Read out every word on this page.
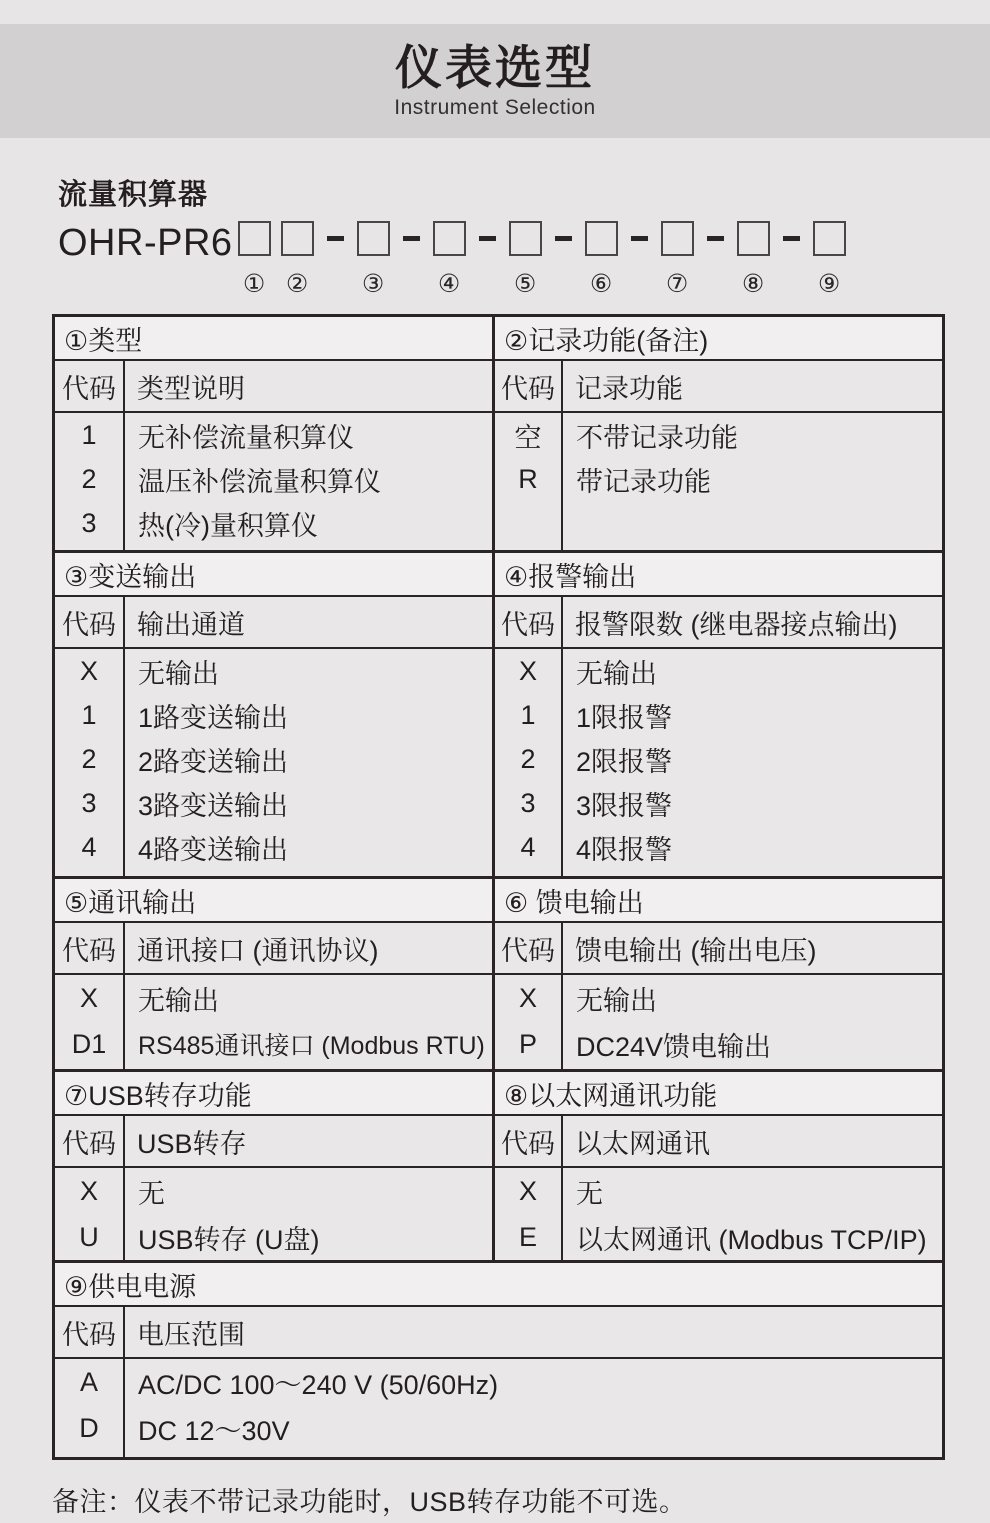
仪表选型
Instrument Selection
流量积算器
OHR-PR6
① ② ③ ④ ⑤ ⑥ ⑦ ⑧ ⑨
①类型
代码 类型说明
1
2
3
无补偿流量积算仪
温压补偿流量积算仪
热(冷)量积算仪
②记录功能(备注)
代码 记录功能
空
R
不带记录功能
带记录功能
③变送输出
代码 输出通道
X
1
2
3
4
无输出
1路变送输出
2路变送输出
3路变送输出
4路变送输出
④报警输出
代码 报警限数 (继电器接点输出)
X
1
2
3
4
无输出
1限报警
2限报警
3限报警
4限报警
⑤通讯输出
代码 通讯接口 (通讯协议)
X
D1
无输出
RS485通讯接口 (Modbus RTU)
⑥ 馈电输出
代码 馈电输出 (输出电压)
X
P
无输出
DC24V馈电输出
⑦USB转存功能
代码 USB转存
X
U
无
USB转存 (U盘)
⑧以太网通讯功能
代码 以太网通讯
X
E
无
以太网通讯 (Modbus TCP/IP)
⑨供电电源
代码 电压范围
A
D
AC/DC 100～240 V (50/60Hz)
DC 12～30V
备注：仪表不带记录功能时，USB转存功能不可选。
